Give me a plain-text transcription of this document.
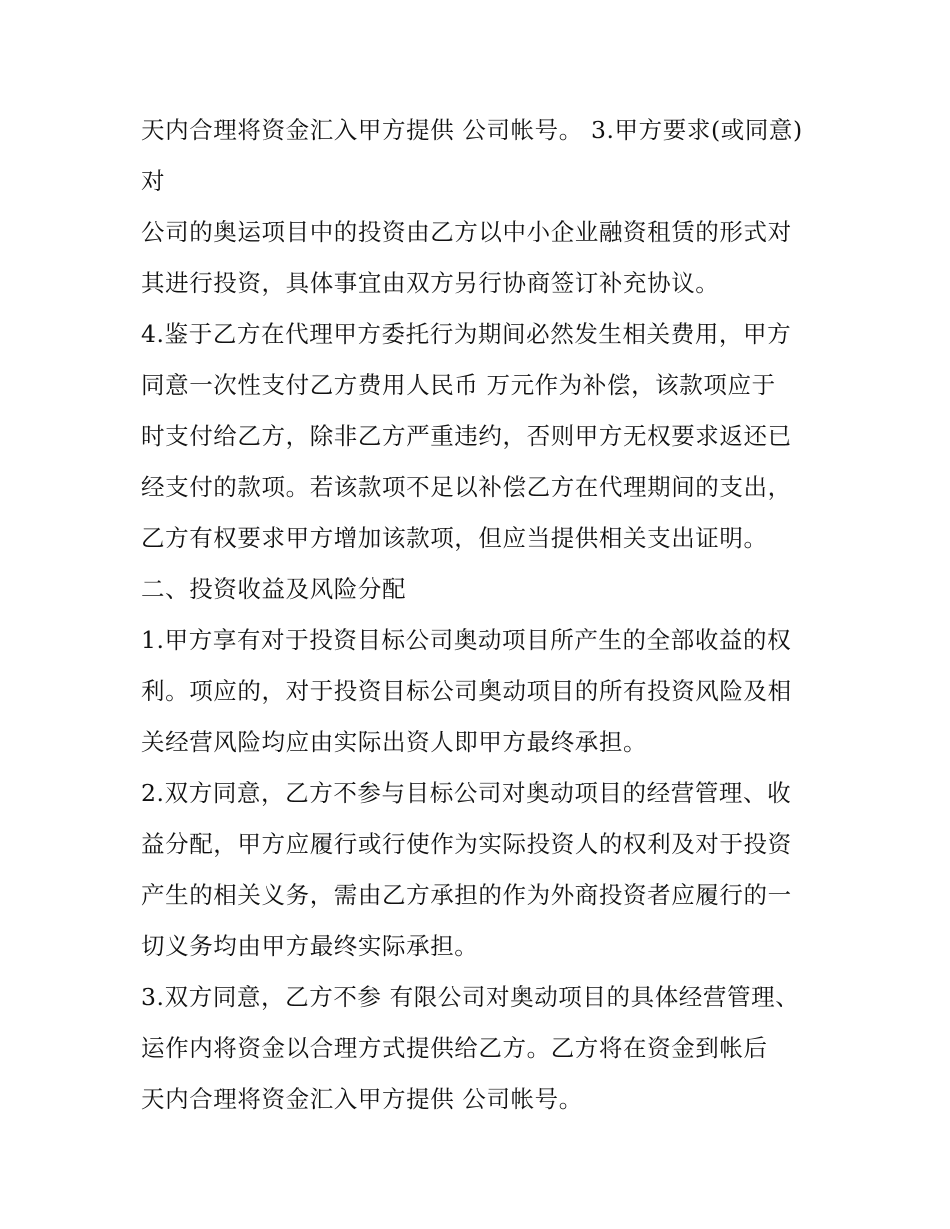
天内合理将资金汇入甲方提供 公司帐号。 3.甲方要求(或同意)
对
公司的奥运项目中的投资由乙方以中小企业融资租赁的形式对
其进行投资，具体事宜由双方另行协商签订补充协议。
4.鉴于乙方在代理甲方委托行为期间必然发生相关费用，甲方
同意一次性支付乙方费用人民币 万元作为补偿，该款项应于
时支付给乙方，除非乙方严重违约，否则甲方无权要求返还已
经支付的款项。若该款项不足以补偿乙方在代理期间的支出，
乙方有权要求甲方增加该款项，但应当提供相关支出证明。
二、投资收益及风险分配
1.甲方享有对于投资目标公司奥动项目所产生的全部收益的权
利。项应的，对于投资目标公司奥动项目的所有投资风险及相
关经营风险均应由实际出资人即甲方最终承担。
2.双方同意，乙方不参与目标公司对奥动项目的经营管理、收
益分配，甲方应履行或行使作为实际投资人的权利及对于投资
产生的相关义务，需由乙方承担的作为外商投资者应履行的一
切义务均由甲方最终实际承担。
3.双方同意，乙方不参 有限公司对奥动项目的具体经营管理、
运作内将资金以合理方式提供给乙方。乙方将在资金到帐后
天内合理将资金汇入甲方提供 公司帐号。
